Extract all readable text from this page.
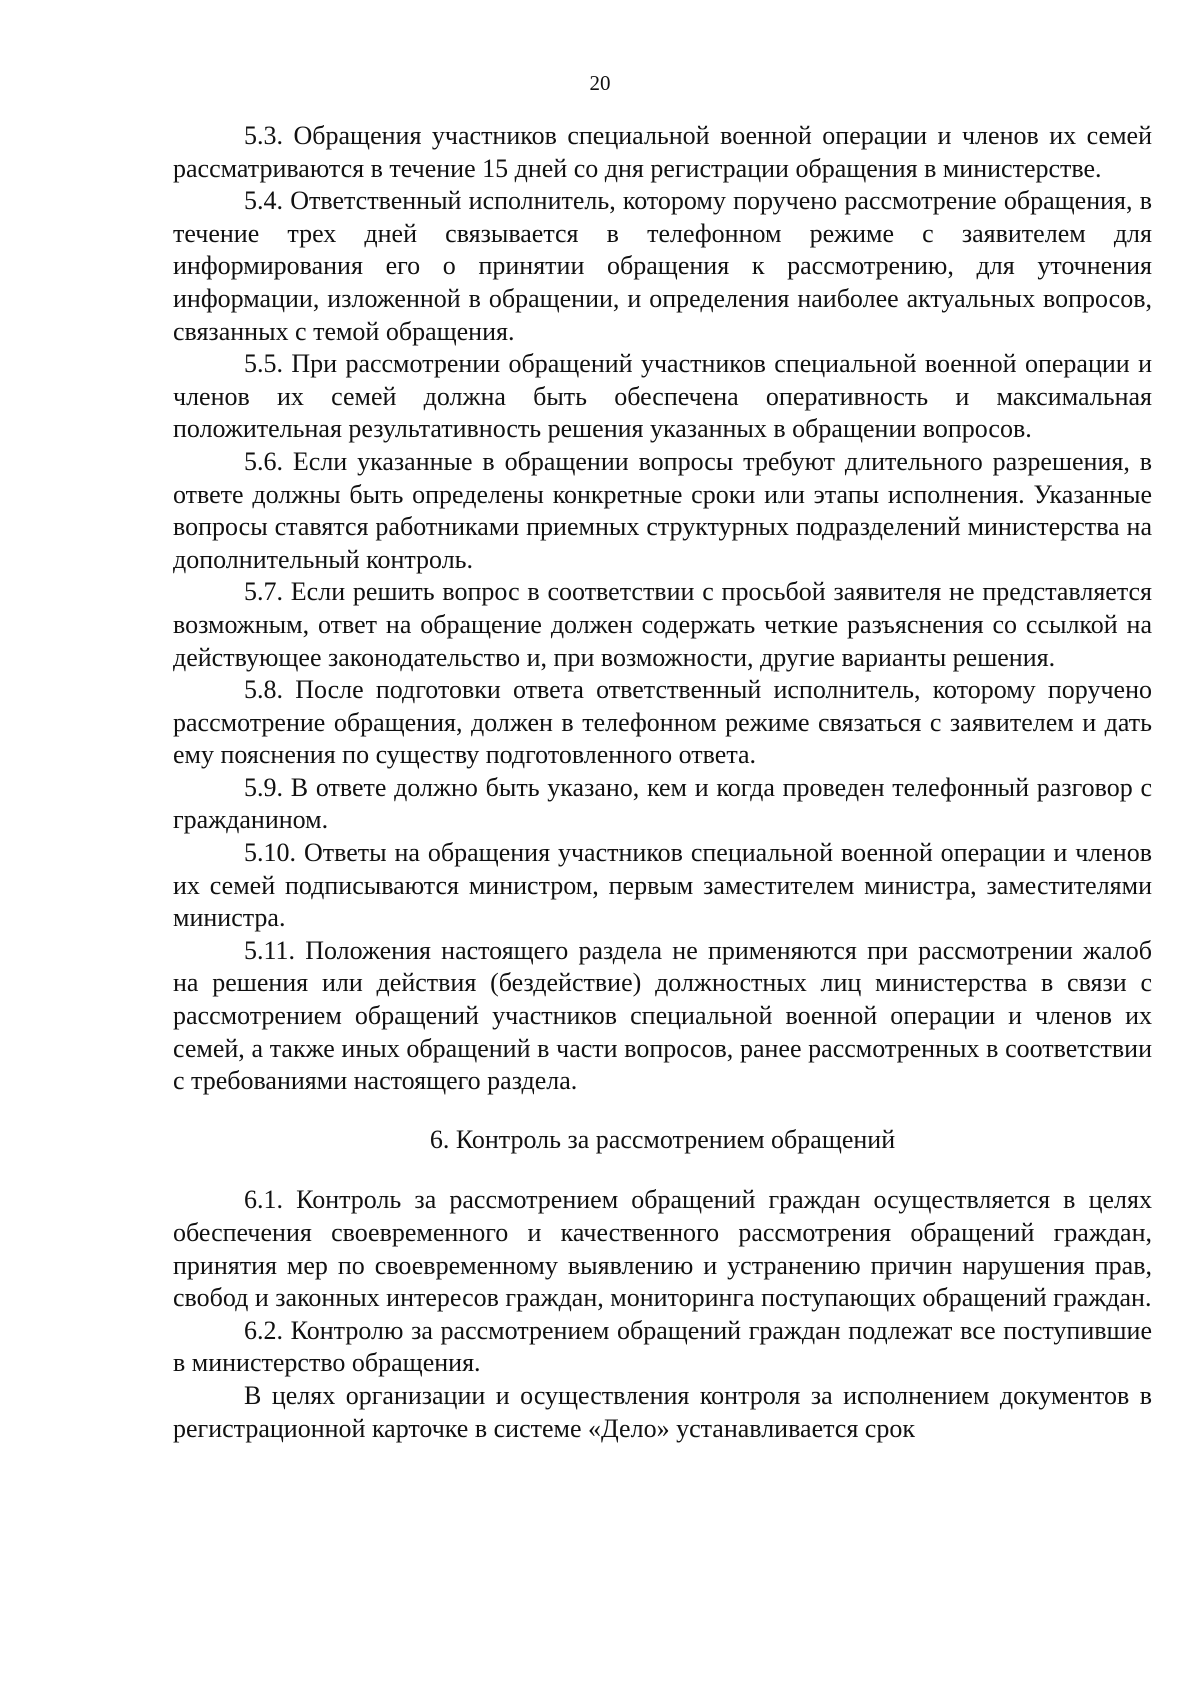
20

5.3. Обращения участников специальной военной операции и членов их семей рассматриваются в течение 15 дней со дня регистрации обращения в министерстве.

5.4. Ответственный исполнитель, которому поручено рассмотрение обращения, в течение трех дней связывается в телефонном режиме с заявителем для информирования его о принятии обращения к рассмотрению, для уточнения информации, изложенной в обращении, и определения наиболее актуальных вопросов, связанных с темой обращения.

5.5. При рассмотрении обращений участников специальной военной операции и членов их семей должна быть обеспечена оперативность и максимальная положительная результативность решения указанных в обращении вопросов.

5.6. Если указанные в обращении вопросы требуют длительного разрешения, в ответе должны быть определены конкретные сроки или этапы исполнения. Указанные вопросы ставятся работниками приемных структурных подразделений министерства на дополнительный контроль.

5.7. Если решить вопрос в соответствии с просьбой заявителя не представляется возможным, ответ на обращение должен содержать четкие разъяснения со ссылкой на действующее законодательство и, при возможности, другие варианты решения.

5.8. После подготовки ответа ответственный исполнитель, которому поручено рассмотрение обращения, должен в телефонном режиме связаться с заявителем и дать ему пояснения по существу подготовленного ответа.

5.9. В ответе должно быть указано, кем и когда проведен телефонный разговор с гражданином.

5.10. Ответы на обращения участников специальной военной операции и членов их семей подписываются министром, первым заместителем министра, заместителями министра.

5.11. Положения настоящего раздела не применяются при рассмотрении жалоб на решения или действия (бездействие) должностных лиц министерства в связи с рассмотрением обращений участников специальной военной операции и членов их семей, а также иных обращений в части вопросов, ранее рассмотренных в соответствии с требованиями настоящего раздела.

6. Контроль за рассмотрением обращений

6.1. Контроль за рассмотрением обращений граждан осуществляется в целях обеспечения своевременного и качественного рассмотрения обращений граждан, принятия мер по своевременному выявлению и устранению причин нарушения прав, свобод и законных интересов граждан, мониторинга поступающих обращений граждан.

6.2. Контролю за рассмотрением обращений граждан подлежат все поступившие в министерство обращения.

В целях организации и осуществления контроля за исполнением документов в регистрационной карточке в системе «Дело» устанавливается срок
